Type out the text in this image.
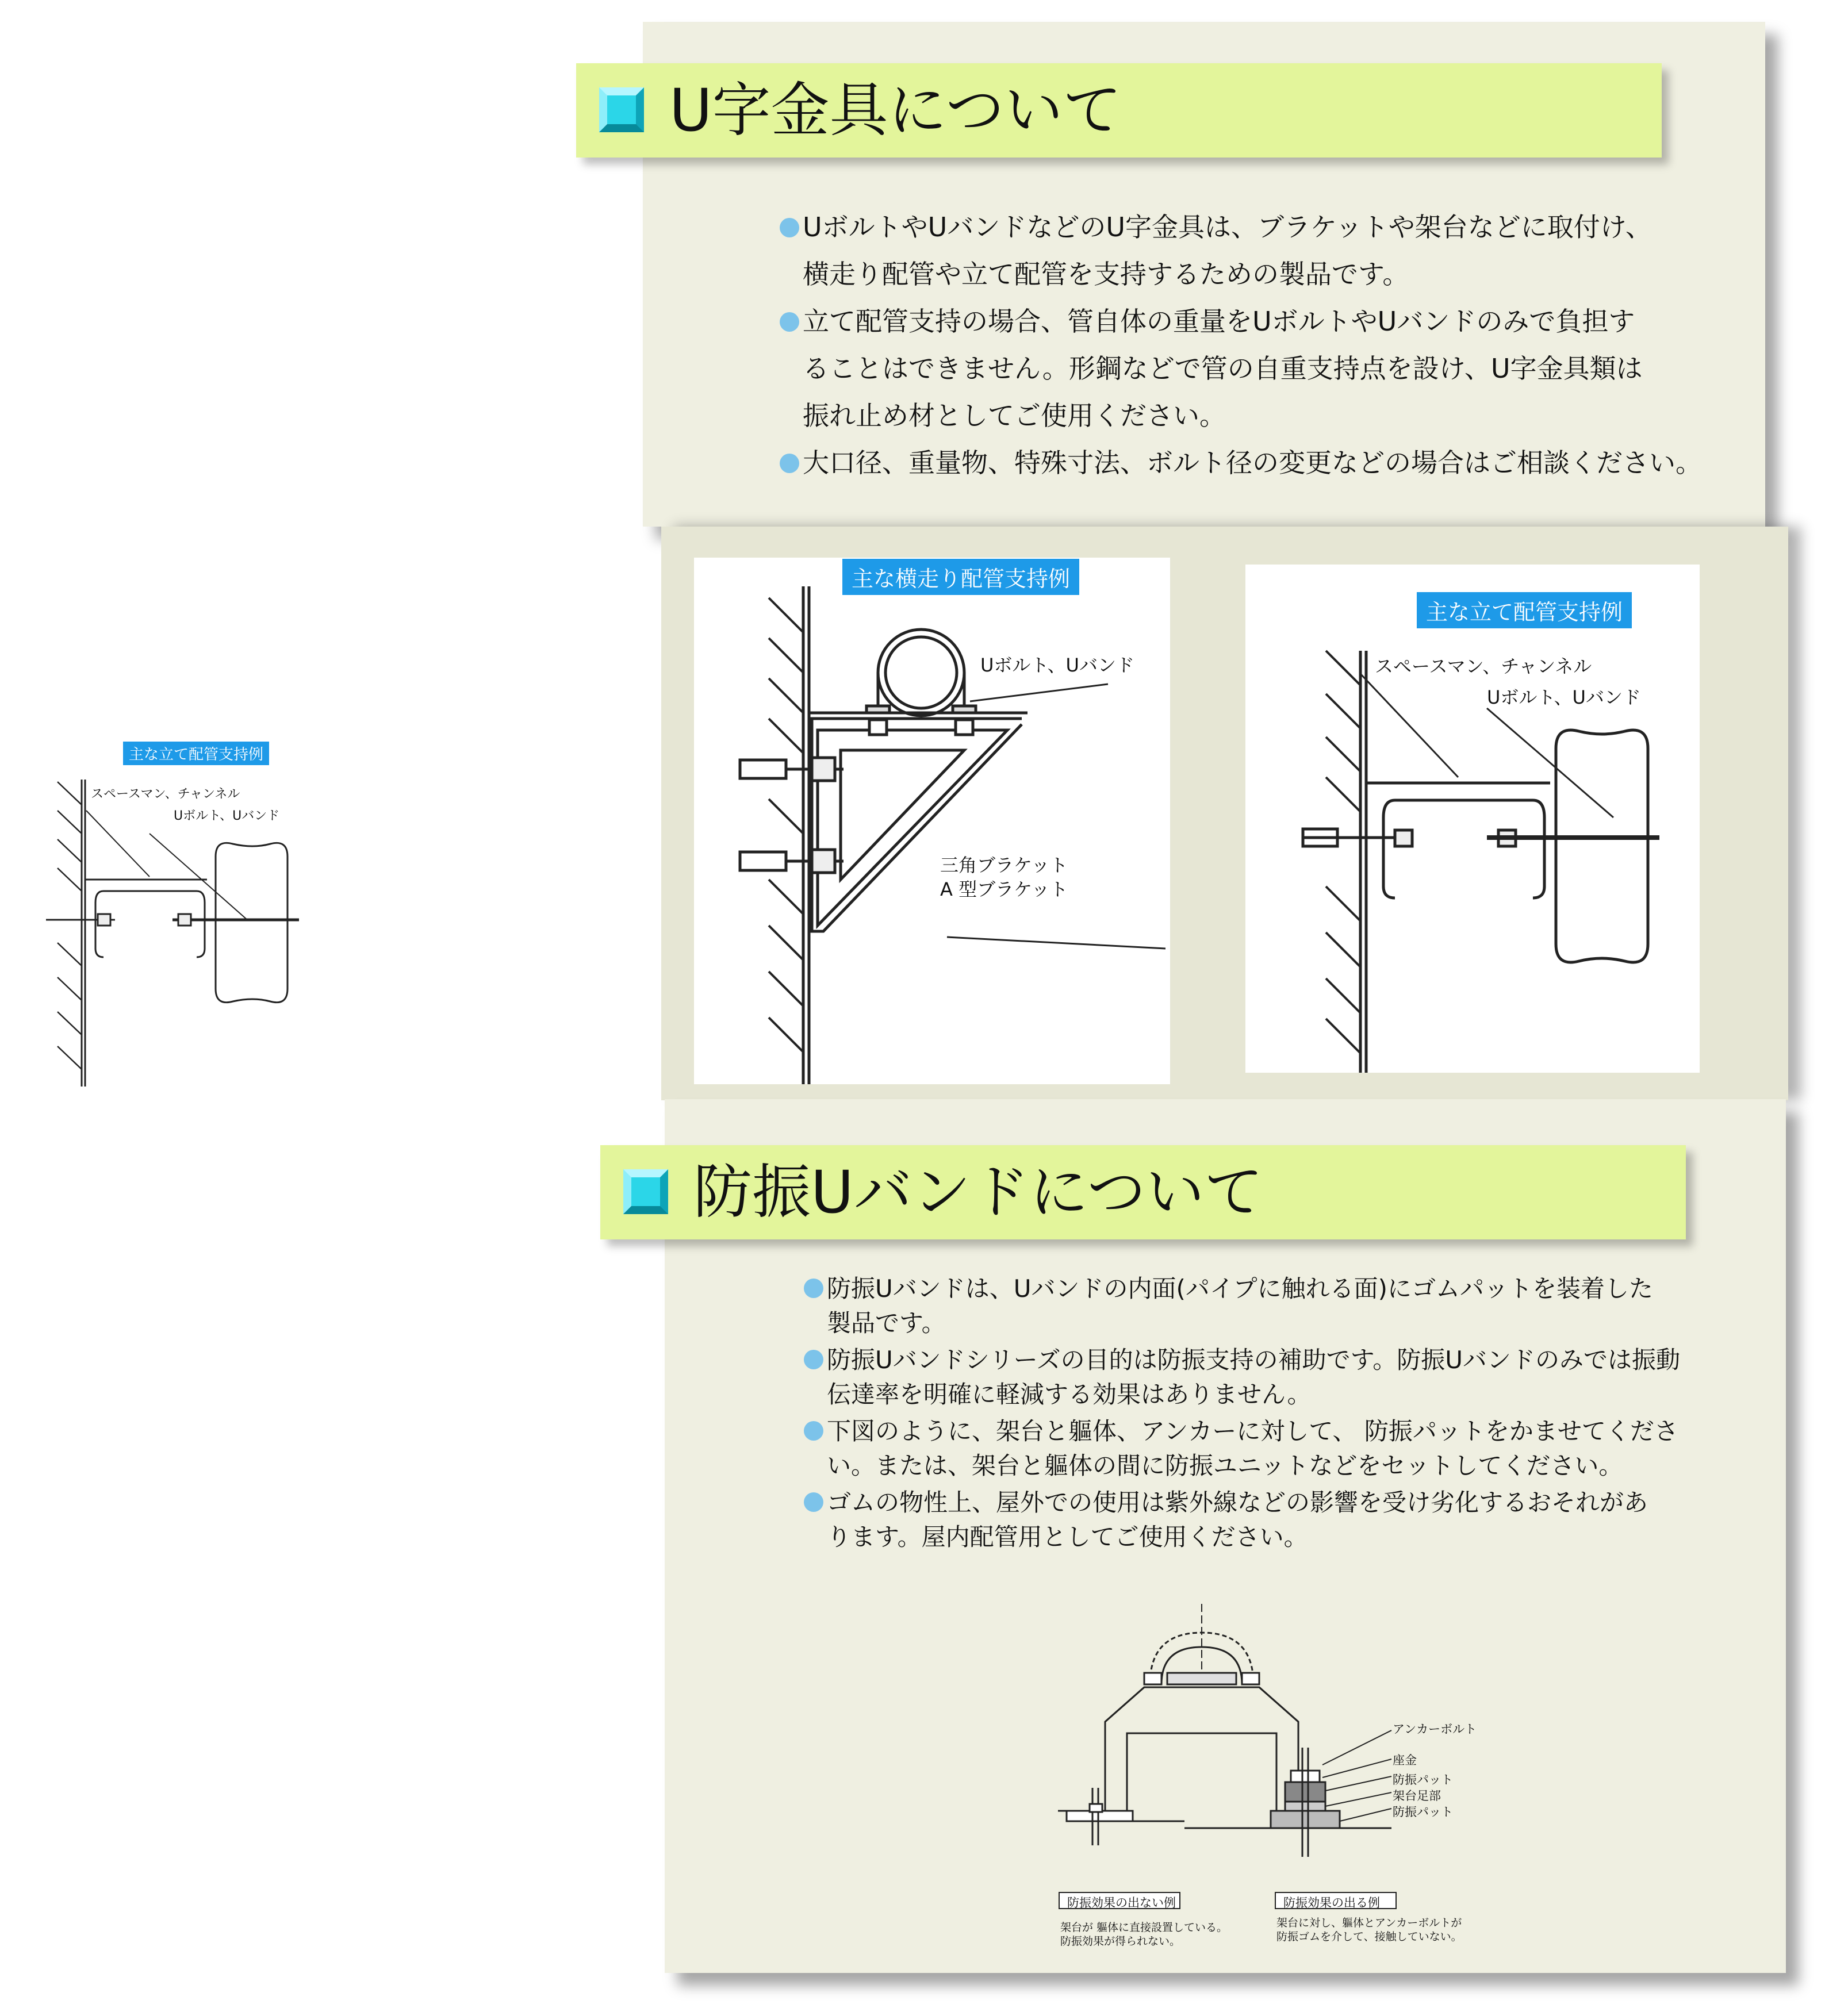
U字金具について
UボルトやUバンドなどのU字金具は、ブラケットや架台などに取付け、
横走り配管や立て配管を支持するための製品です。
立て配管支持の場合、管自体の重量をUボルトやUバンドのみで負担す
ることはできません。形鋼などで管の自重支持点を設け、U字金具類は
振れ止め材としてご使用ください。
大口径、重量物、特殊寸法、ボルト径の変更などの場合はご相談ください。
主な横走り配管支持例
Uボルト、Uバンド
三角ブラケット
A 型ブラケット
主な立て配管支持例
スペースマン、チャンネル
Uボルト、Uバンド
主な立て配管支持例
スペースマン、チャンネル
Uボルト、Uバンド
防振Uバンドについて
防振Uバンドは、Uバンドの内面(パイプに触れる面)にゴムパットを装着した
製品です。
防振Uバンドシリーズの目的は防振支持の補助です。防振Uバンドのみでは振動
伝達率を明確に軽減する効果はありません。
下図のように、架台と軀体、アンカーに対して、 防振パットをかませてくださ
い。または、架台と軀体の間に防振ユニットなどをセットしてください。
ゴムの物性上、屋外での使用は紫外線などの影響を受け劣化するおそれがあ
ります。屋内配管用としてご使用ください。
アンカーボルト
座金
防振パット
架台足部
防振パット
防振効果の出ない例
架台が 軀体に直接設置している。
防振効果が得られない。
防振効果の出る例
架台に対し、軀体とアンカーボルトが
防振ゴムを介して、接触していない。
